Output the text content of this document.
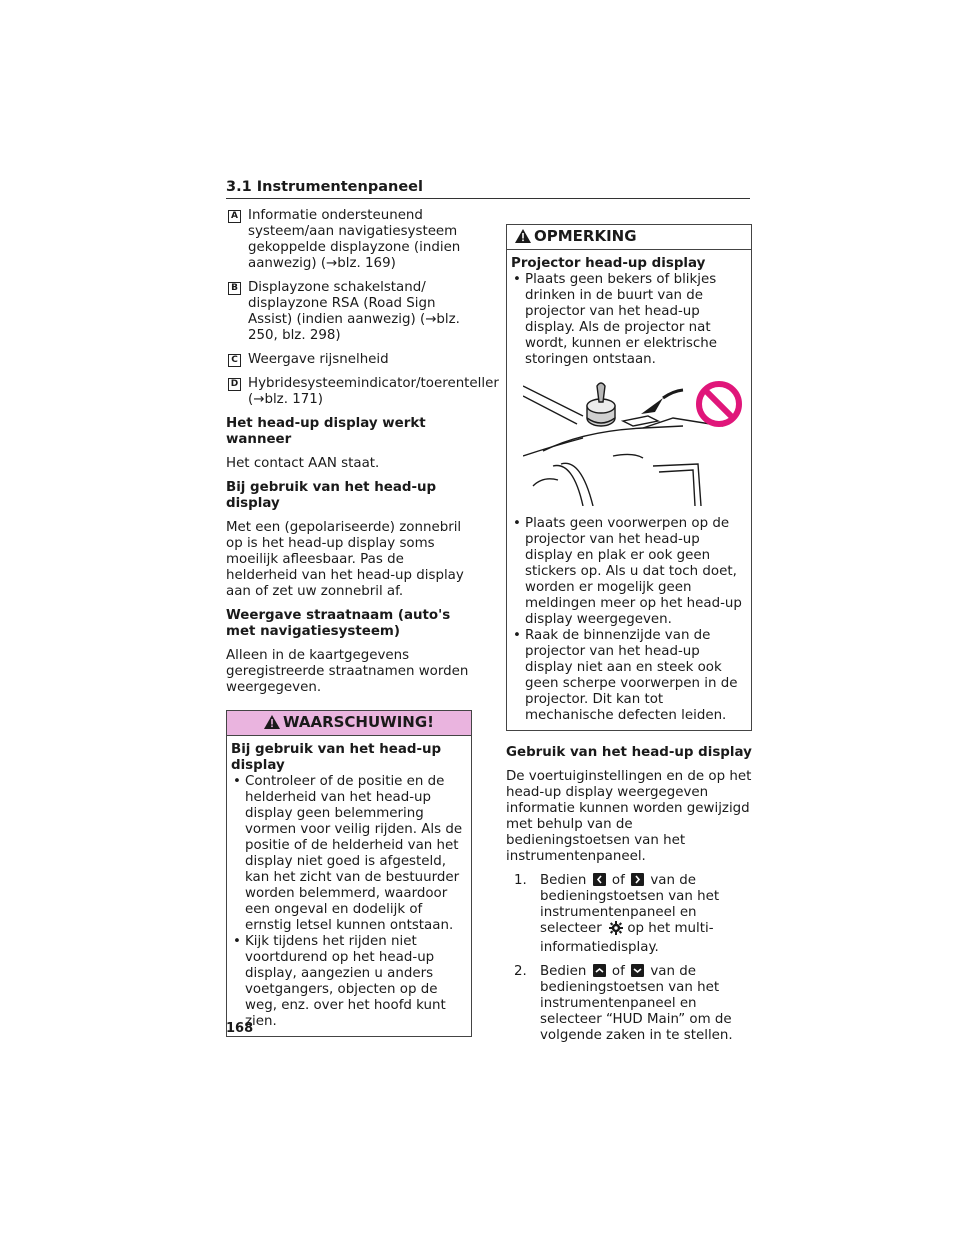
3.1 Instrumentenpaneel
A Informatie ondersteunend systeem/aan navigatiesysteem gekoppelde displayzone (indien aanwezig) (→blz. 169)
B Displayzone schakelstand/ displayzone RSA (Road Sign Assist) (indien aanwezig) (→blz. 250, blz. 298)
C Weergave rijsnelheid
D Hybridesysteemindicator/toerenteller (→blz. 171)

Het head-up display werkt wanneer

Het contact AAN staat.

Bij gebruik van het head-up display

Met een (gepolariseerde) zonnebril op is het head-up display soms moeilijk afleesbaar. Pas de helderheid van het head-up display aan of zet uw zonnebril af.

Weergave straatnaam (auto's met navigatiesysteem)

Alleen in de kaartgegevens geregistreerde straatnamen worden weergegeven.

WAARSCHUWING!
Bij gebruik van het head-up display
• Controleer of de positie en de helderheid van het head-up display geen belemmering vormen voor veilig rijden. Als de positie of de helderheid van het display niet goed is afgesteld, kan het zicht van de bestuurder worden belemmerd, waardoor een ongeval en dodelijk of ernstig letsel kunnen ontstaan.
• Kijk tijdens het rijden niet voortdurend op het head-up display, aangezien u anders voetgangers, objecten op de weg, enz. over het hoofd kunt zien.
OPMERKING
Projector head-up display
• Plaats geen bekers of blikjes drinken in de buurt van de projector van het head-up display. Als de projector nat wordt, kunnen er elektrische storingen ontstaan.
• Plaats geen voorwerpen op de projector van het head-up display en plak er ook geen stickers op. Als u dat toch doet, worden er mogelijk geen meldingen meer op het head-up display weergegeven.
• Raak de binnenzijde van de projector van het head-up display niet aan en steek ook geen scherpe voorwerpen in de projector. Dit kan tot mechanische defecten leiden.

Gebruik van het head-up display

De voertuiginstellingen en de op het head-up display weergegeven informatie kunnen worden gewijzigd met behulp van de bedieningstoetsen van het instrumentenpaneel.

1. Bedien of van de bedieningstoetsen van het instrumentenpaneel en selecteer op het multi-informatiedisplay.
2. Bedien of van de bedieningstoetsen van het instrumentenpaneel en selecteer “HUD Main” om de volgende zaken in te stellen.
168
